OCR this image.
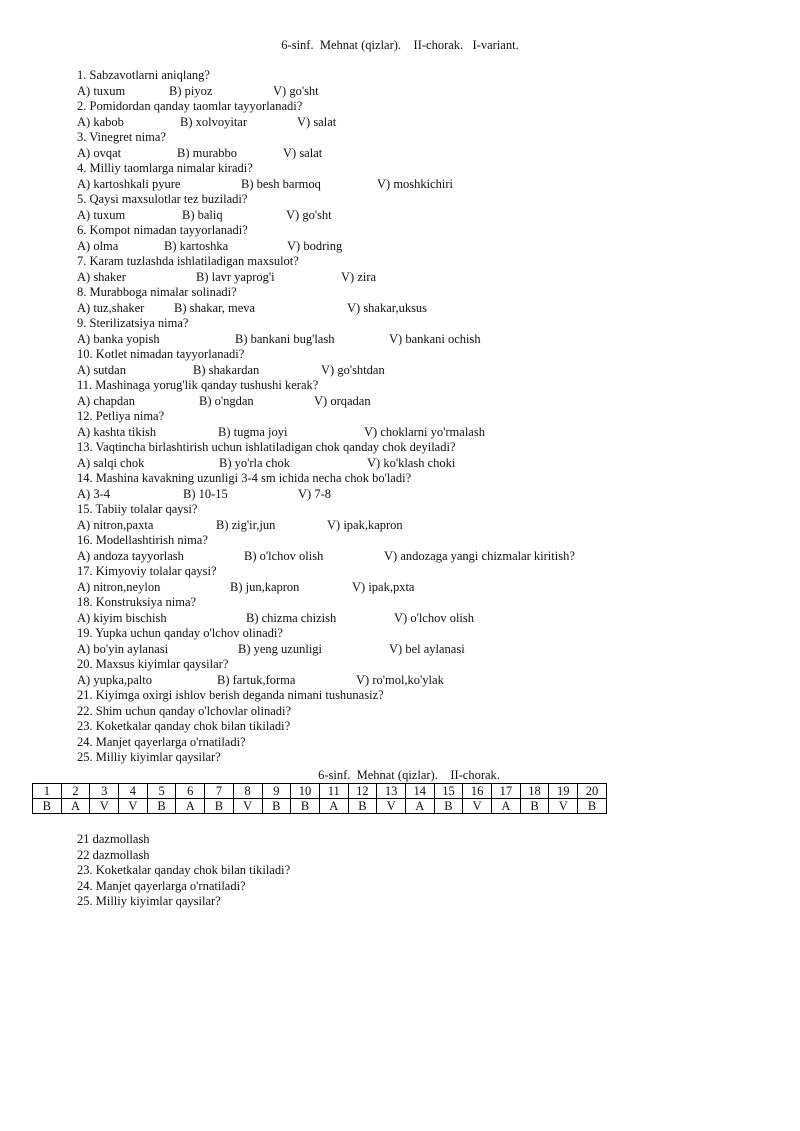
6-sinf.  Mehnat (qizlar).    II-chorak.   I-variant.
1. Sabzavotlarni aniqlang?
A) tuxum	B) piyoz	V) go'sht
2. Pomidordan qanday taomlar tayyorlanadi?
A) kabob	B) xolvoyitar	V) salat
3. Vinegret nima?
A) ovqat	B) murabbo	V) salat
4. Milliy taomlarga nimalar kiradi?
A) kartoshkali pyure	B) besh barmoq	V) moshkichiri
5. Qaysi maxsulotlar tez buziladi?
A) tuxum	B) baliq	V) go'sht
6. Kompot nimadan tayyorlanadi?
A) olma	B) kartoshka	V) bodring
7. Karam tuzlashda ishlatiladigan maxsulot?
A) shaker	B) lavr yaprog'i	V) zira
8. Murabboga nimalar solinadi?
A) tuz,shaker B) shakar, meva	V) shakar,uksus
9. Sterilizatsiya nima?
A) banka yopish	B) bankani bug'lash	V) bankani ochish
10. Kotlet nimadan tayyorlanadi?
A) sutdan	B) shakardan	V) go'shtdan
11. Mashinaga yorug'lik qanday tushushi kerak?
A) chapdan	B) o'ngdan	V) orqadan
12. Petliya nima?
A) kashta tikish	B) tugma joyi	V) choklarni yo'rmalash
13. Vaqtincha birlashtirish uchun ishlatiladigan chok qanday chok deyiladi?
A) salqi chok	B) yo'rla chok	V) ko'klash choki
14. Mashina kavakning uzunligi 3-4 sm ichida necha chok bo'ladi?
A) 3-4	B) 10-15	V) 7-8
15. Tabiiy tolalar qaysi?
A) nitron,paxta	B) zig'ir,jun	V) ipak,kapron
16. Modellashtirish nima?
A) andoza tayyorlash	B) o'lchov olish	V) andozaga yangi chizmalar kiritish?
17. Kimyoviy tolalar qaysi?
A) nitron,neylon	B) jun,kapron	V) ipak,pxta
18. Konstruksiya nima?
A) kiyim bischish	B) chizma chizish	V) o'lchov olish
19. Yupka uchun qanday o'lchov olinadi?
A) bo'yin aylanasi	B) yeng uzunligi	V) bel aylanasi
20. Maxsus kiyimlar qaysilar?
A) yupka,palto	B) fartuk,forma	V) ro'mol,ko'ylak
21. Kiyimga oxirgi ishlov berish deganda nimani tushunasiz?
22. Shim uchun qanday o'lchovlar olinadi?
23. Koketkalar qanday chok bilan tikiladi?
24. Manjet qayerlarga o'rnatiladi?
25. Milliy kiyimlar qaysilar?
6-sinf.  Mehnat (qizlar).    II-chorak.
1	2	3	4	5	6	7	8	9	10	11	12	13	14	15	16	17	18	19	20
B	A	V	V	B	A	B	V	B	B	A	B	V	A	B	V	A	B	V	B
21 dazmollash
22 dazmollash
23. Koketkalar qanday chok bilan tikiladi?
24. Manjet qayerlarga o'rnatiladi?
25. Milliy kiyimlar qaysilar?
